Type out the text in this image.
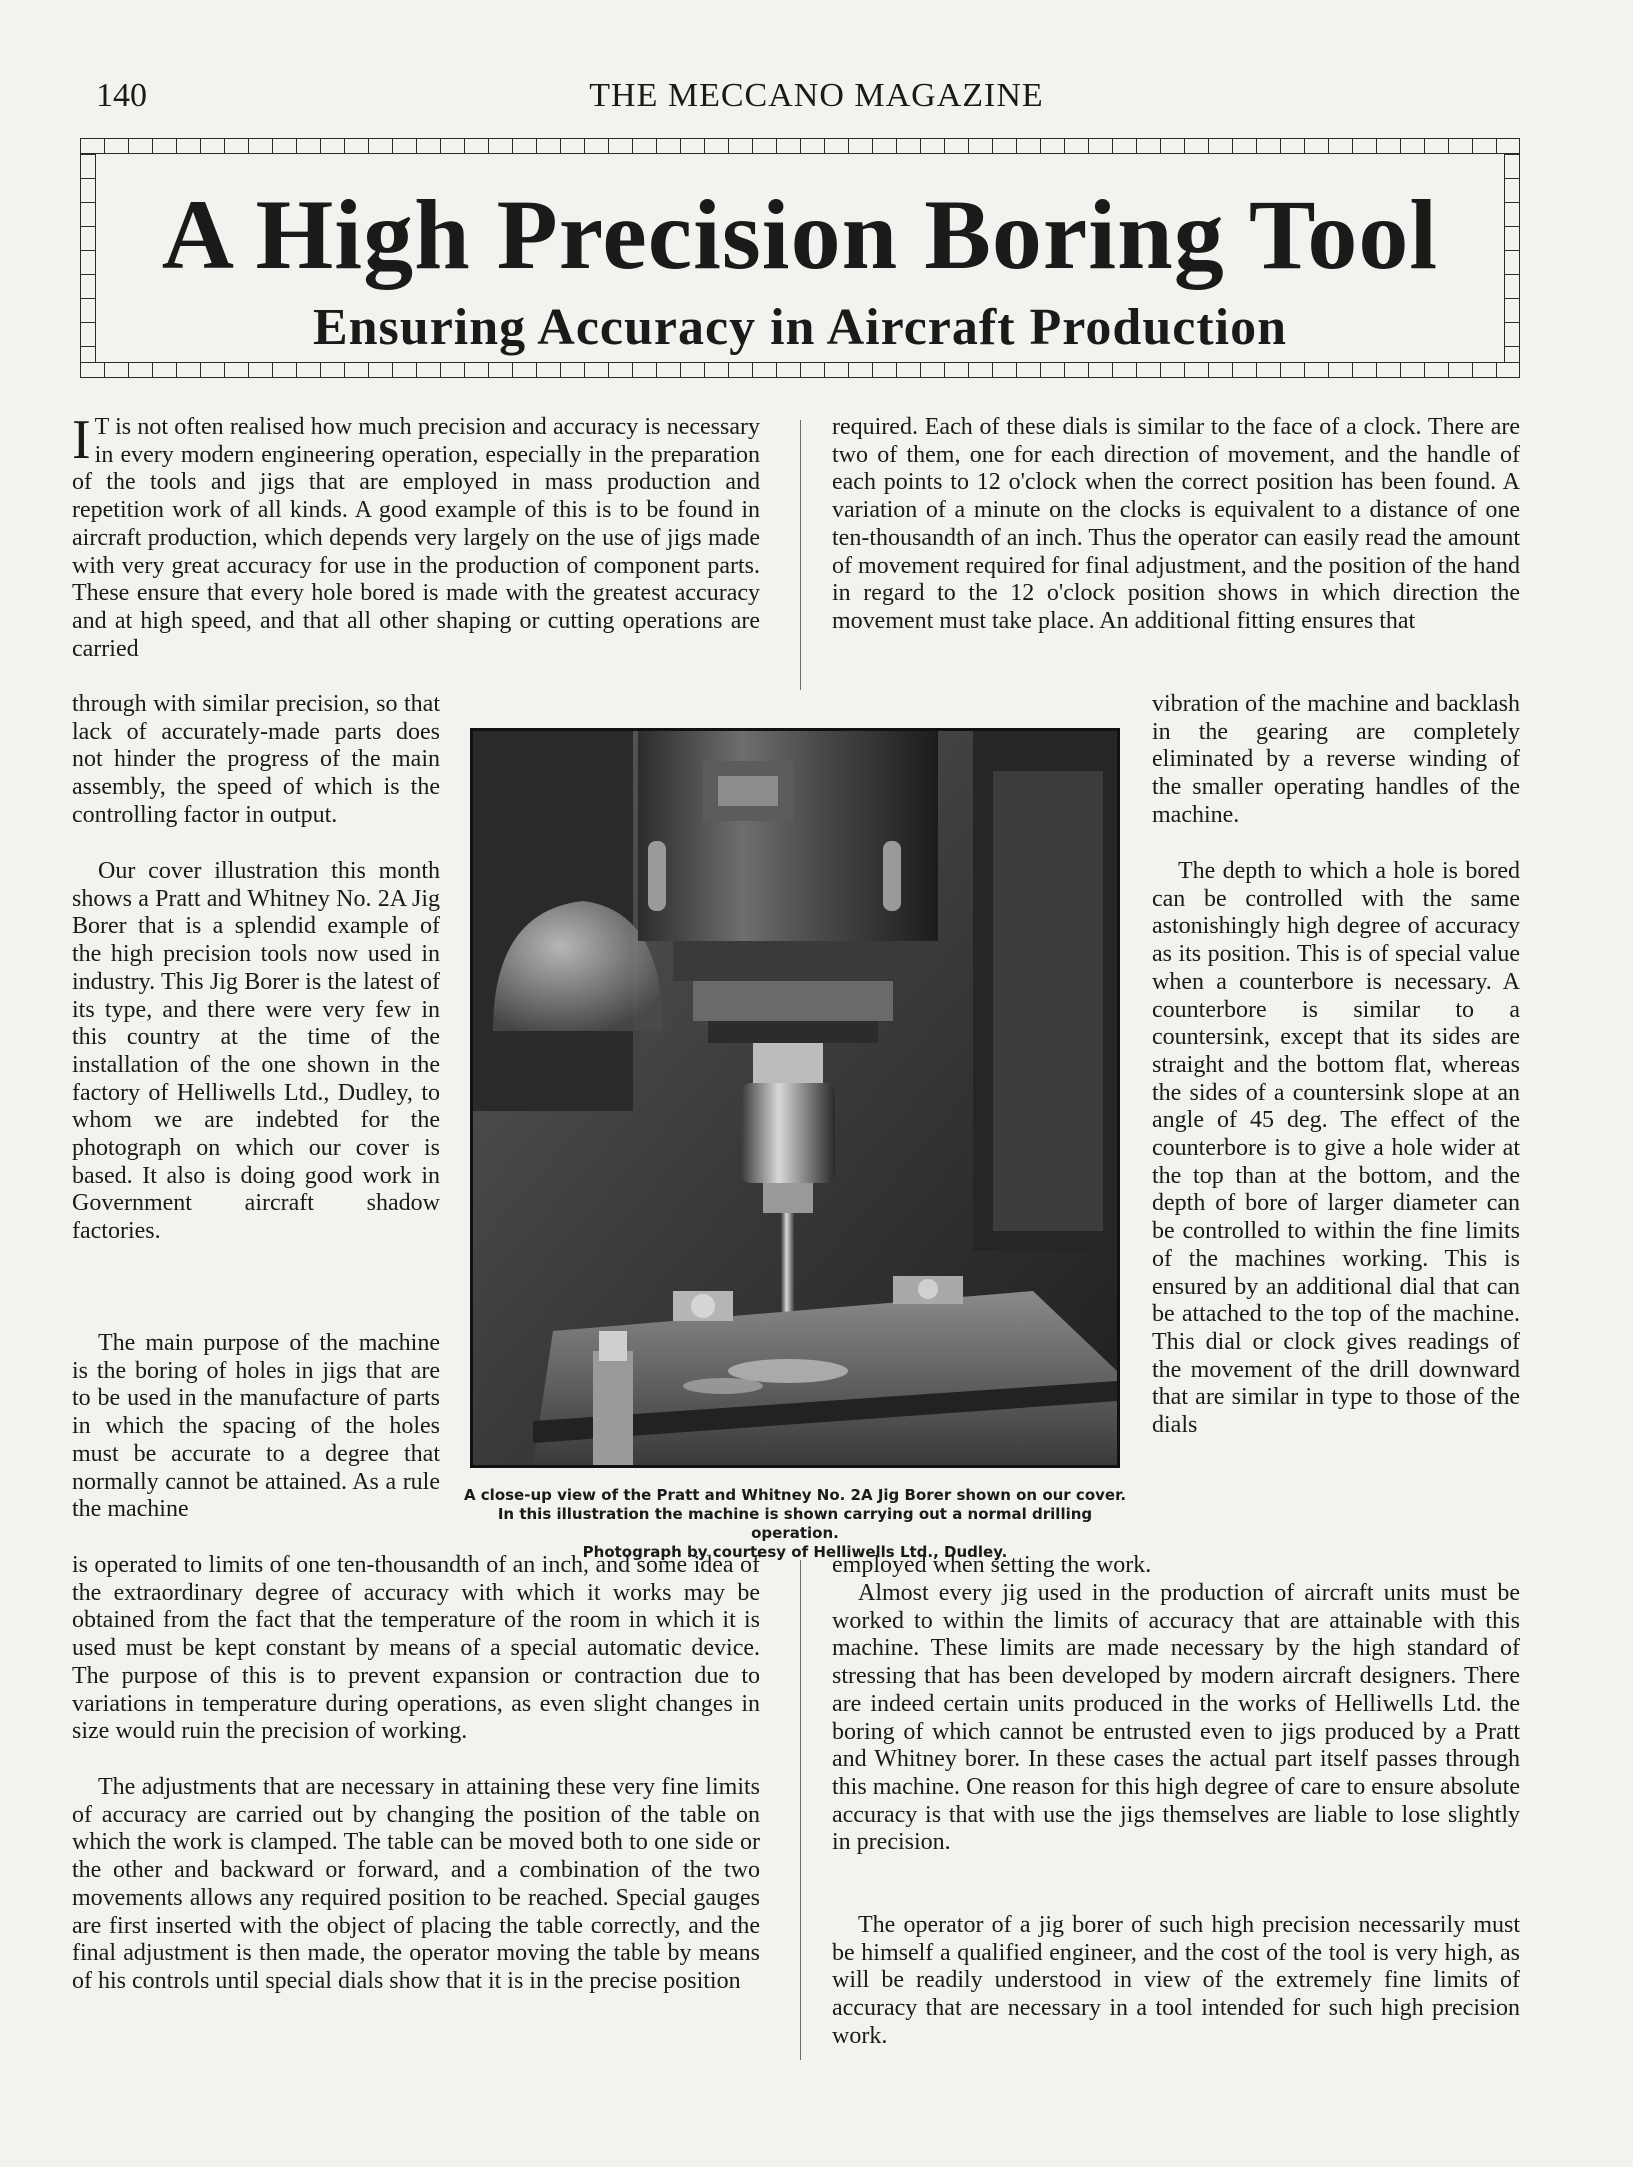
140	THE MECCANO MAGAZINE
A High Precision Boring Tool
Ensuring Accuracy in Aircraft Production

IT is not often realised how much precision and accuracy is necessary in every modern engineering operation, especially in the preparation of the tools and jigs that are employed in mass production and repetition work of all kinds. A good example of this is to be found in aircraft production, which depends very largely on the use of jigs made with very great accuracy for use in the production of component parts. These ensure that every hole bored is made with the greatest accuracy and at high speed, and that all other shaping or cutting operations are carried

through with similar precision, so that lack of accurately-made parts does not hinder the progress of the main assembly, the speed of which is the controlling factor in output.

Our cover illustration this month shows a Pratt and Whitney No. 2A Jig Borer that is a splendid example of the high precision tools now used in industry. This Jig Borer is the latest of its type, and there were very few in this country at the time of the installation of the one shown in the factory of Helliwells Ltd., Dudley, to whom we are indebted for the photograph on which our cover is based. It also is doing good work in Government aircraft shadow factories.

The main purpose of the machine is the boring of holes in jigs that are to be used in the manufacture of parts in which the spacing of the holes must be accurate to a degree that normally cannot be attained. As a rule the machine

is operated to limits of one ten-thousandth of an inch, and some idea of the extraordinary degree of accuracy with which it works may be obtained from the fact that the temperature of the room in which it is used must be kept constant by means of a special automatic device. The purpose of this is to prevent expansion or contraction due to variations in temperature during operations, as even slight changes in size would ruin the precision of working.

The adjustments that are necessary in attaining these very fine limits of accuracy are carried out by changing the position of the table on which the work is clamped. The table can be moved both to one side or the other and backward or forward, and a combination of the two movements allows any required position to be reached. Special gauges are first inserted with the object of placing the table correctly, and the final adjustment is then made, the operator moving the table by means of his controls until special dials show that it is in the precise position

required. Each of these dials is similar to the face of a clock. There are two of them, one for each direction of movement, and the handle of each points to 12 o'clock when the correct position has been found. A variation of a minute on the clocks is equivalent to a distance of one ten-thousandth of an inch. Thus the operator can easily read the amount of movement required for final adjustment, and the position of the hand in regard to the 12 o'clock position shows in which direction the movement must take place. An additional fitting ensures that

vibration of the machine and backlash in the gearing are completely eliminated by a reverse winding of the smaller operating handles of the machine.

The depth to which a hole is bored can be controlled with the same astonishingly high degree of accuracy as its position. This is of special value when a counterbore is necessary. A counterbore is similar to a countersink, except that its sides are straight and the bottom flat, whereas the sides of a countersink slope at an angle of 45 deg. The effect of the counterbore is to give a hole wider at the top than at the bottom, and the depth of bore of larger diameter can be controlled to within the fine limits of the machines working. This is ensured by an additional dial that can be attached to the top of the machine. This dial or clock gives readings of the movement of the drill downward that are similar in type to those of the dials

employed when setting the work.

Almost every jig used in the production of aircraft units must be worked to within the limits of accuracy that are attainable with this machine. These limits are made necessary by the high standard of stressing that has been developed by modern aircraft designers. There are indeed certain units produced in the works of Helliwells Ltd. the boring of which cannot be entrusted even to jigs produced by a Pratt and Whitney borer. In these cases the actual part itself passes through this machine. One reason for this high degree of care to ensure absolute accuracy is that with use the jigs themselves are liable to lose slightly in precision.

The operator of a jig borer of such high precision necessarily must be himself a qualified engineer, and the cost of the tool is very high, as will be readily understood in view of the extremely fine limits of accuracy that are necessary in a tool intended for such high precision work.

A close-up view of the Pratt and Whitney No. 2A Jig Borer shown on our cover.
In this illustration the machine is shown carrying out a normal drilling operation.
Photograph by courtesy of Helliwells Ltd., Dudley.
